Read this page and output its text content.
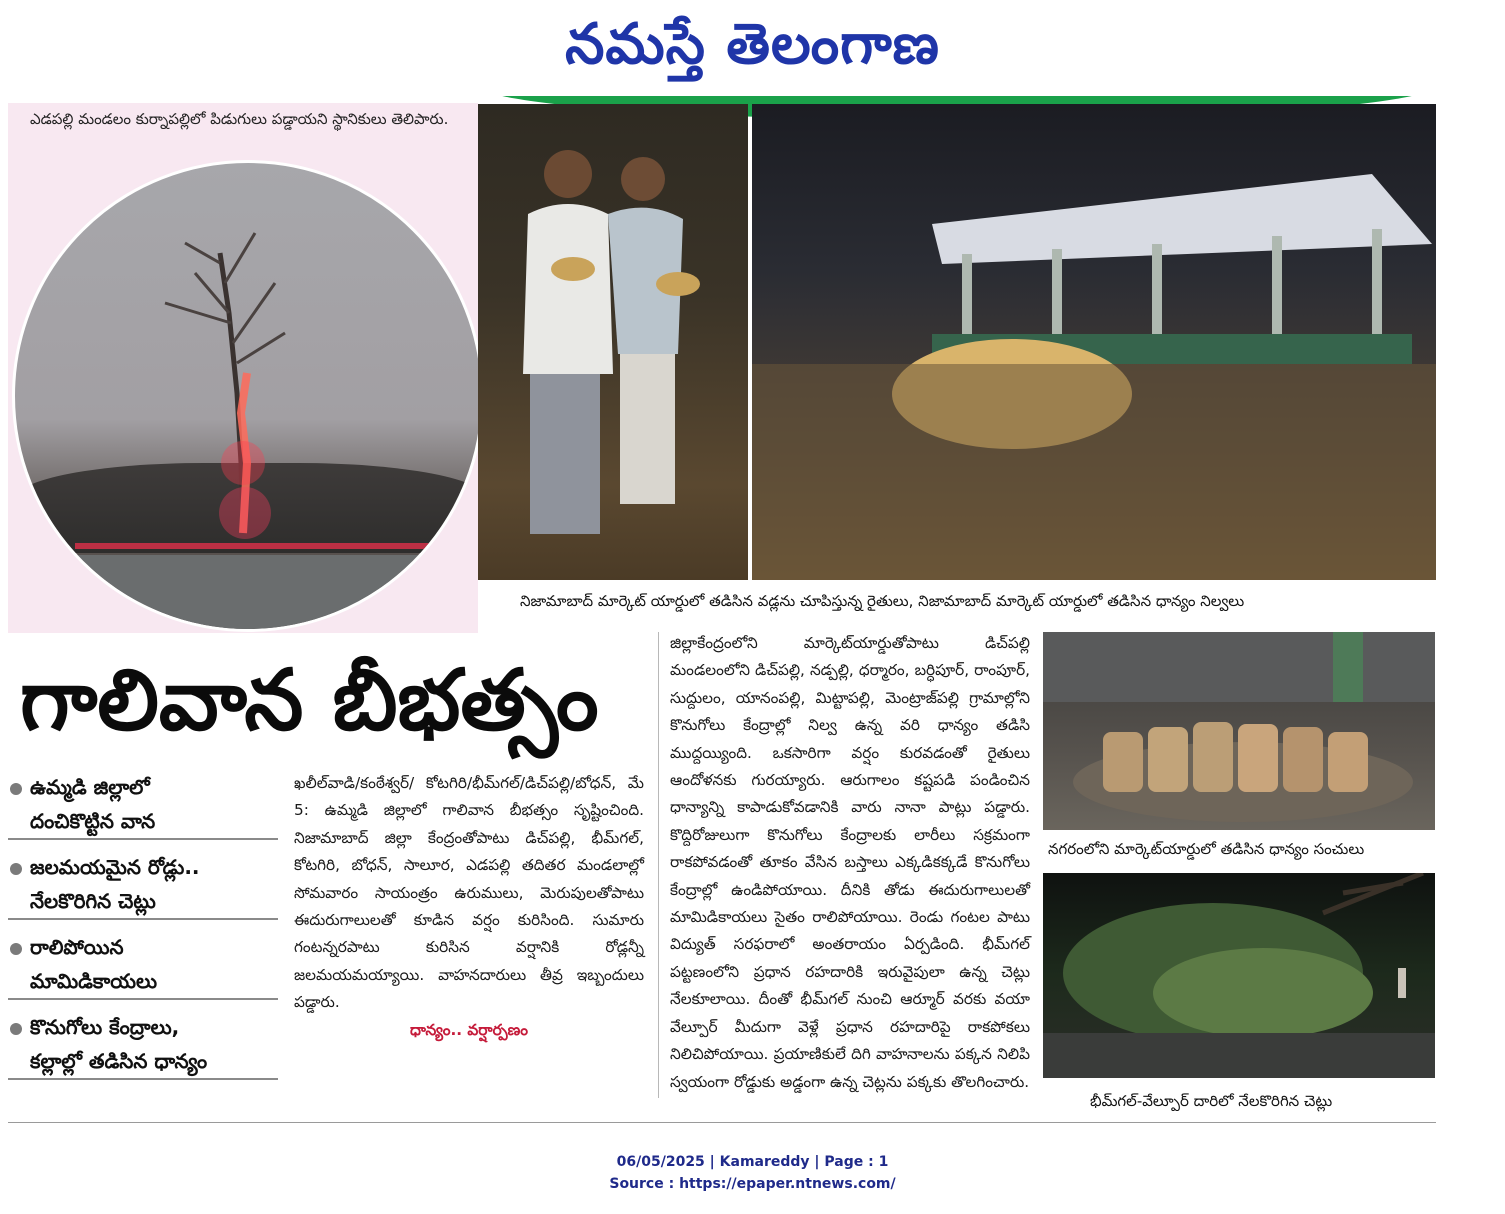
నమస్తే తెలంగాణ
ఎడపల్లి మండలం కుర్నాపల్లిలో పిడుగులు పడ్డాయని స్థానికులు తెలిపారు.
నిజామాబాద్ మార్కెట్ యార్డులో తడిసిన వడ్లను చూపిస్తున్న రైతులు, నిజామాబాద్ మార్కెట్ యార్డులో తడిసిన ధాన్యం నిల్వలు
గాలివాన బీభత్సం
ఉమ్మడి జిల్లాలో
దంచికొట్టిన వాన
జలమయమైన రోడ్లు..
నేలకొరిగిన చెట్లు
రాలిపోయిన
మామిడికాయలు
కొనుగోలు కేంద్రాలు,
కల్లాల్లో తడిసిన ధాన్యం

ఖలీల్‌వాడి/కంఠేశ్వర్/ కోటగిరి/భీమ్‌గల్/డిచ్‌పల్లి/బోధన్, మే 5: ఉమ్మడి జిల్లాలో గాలివాన బీభత్సం సృష్టించింది. నిజామాబాద్ జిల్లా కేంద్రంతోపాటు డిచ్‌పల్లి, భీమ్‌గల్, కోటగిరి, బోధన్, సాలూర, ఎడపల్లి తదితర మండలాల్లో సోమవారం సాయంత్రం ఉరుములు, మెరుపులతోపాటు ఈదురుగాలులతో కూడిన వర్షం కురిసింది. సుమారు గంటన్నరపాటు కురిసిన వర్షానికి రోడ్లన్నీ జలమయమయ్యాయి. వాహనదారులు తీవ్ర ఇబ్బందులు పడ్డారు.

ధాన్యం.. వర్షార్పణం

జిల్లాకేంద్రంలోని మార్కెట్‌యార్డుతోపాటు డిచ్‌పల్లి మండలంలోని డిచ్‌పల్లి, నడ్పల్లి, ధర్మారం, బర్ధిపూర్, రాంపూర్, సుద్దులం, యానంపల్లి, మిట్టాపల్లి, మెంట్రాజ్‌పల్లి గ్రామాల్లోని కొనుగోలు కేంద్రాల్లో నిల్వ ఉన్న వరి ధాన్యం తడిసి ముద్దయ్యింది. ఒకసారిగా వర్షం కురవడంతో రైతులు ఆందోళనకు గురయ్యారు. ఆరుగాలం కష్టపడి పండించిన ధాన్యాన్ని కాపాడుకోవడానికి వారు నానా పాట్లు పడ్డారు. కొద్దిరోజులుగా కొనుగోలు కేంద్రాలకు లారీలు సక్రమంగా రాకపోవడంతో తూకం వేసిన బస్తాలు ఎక్కడికక్కడే కొనుగోలు కేంద్రాల్లో ఉండిపోయాయి. దీనికి తోడు ఈదురుగాలులతో మామిడికాయలు సైతం రాలిపోయాయి. రెండు గంటల పాటు విద్యుత్ సరఫరాలో అంతరాయం ఏర్పడింది. భీమ్‌గల్ పట్టణంలోని ప్రధాన రహదారికి ఇరువైపులా ఉన్న చెట్లు నేలకూలాయి. దీంతో భీమ్‌గల్ నుంచి ఆర్మూర్ వరకు వయా వేల్పూర్ మీదుగా వెళ్లే ప్రధాన రహదారిపై రాకపోకలు నిలిచిపోయాయి. ప్రయాణికులే దిగి వాహనాలను పక్కన నిలిపి స్వయంగా రోడ్డుకు అడ్డంగా ఉన్న చెట్లను పక్కకు తొలగించారు.

నగరంలోని మార్కెట్‌యార్డులో తడిసిన ధాన్యం సంచులు
భీమ్‌గల్-వేల్పూర్ దారిలో నేలకొరిగిన చెట్లు
06/05/2025 | Kamareddy | Page : 1
Source : https://epaper.ntnews.com/
